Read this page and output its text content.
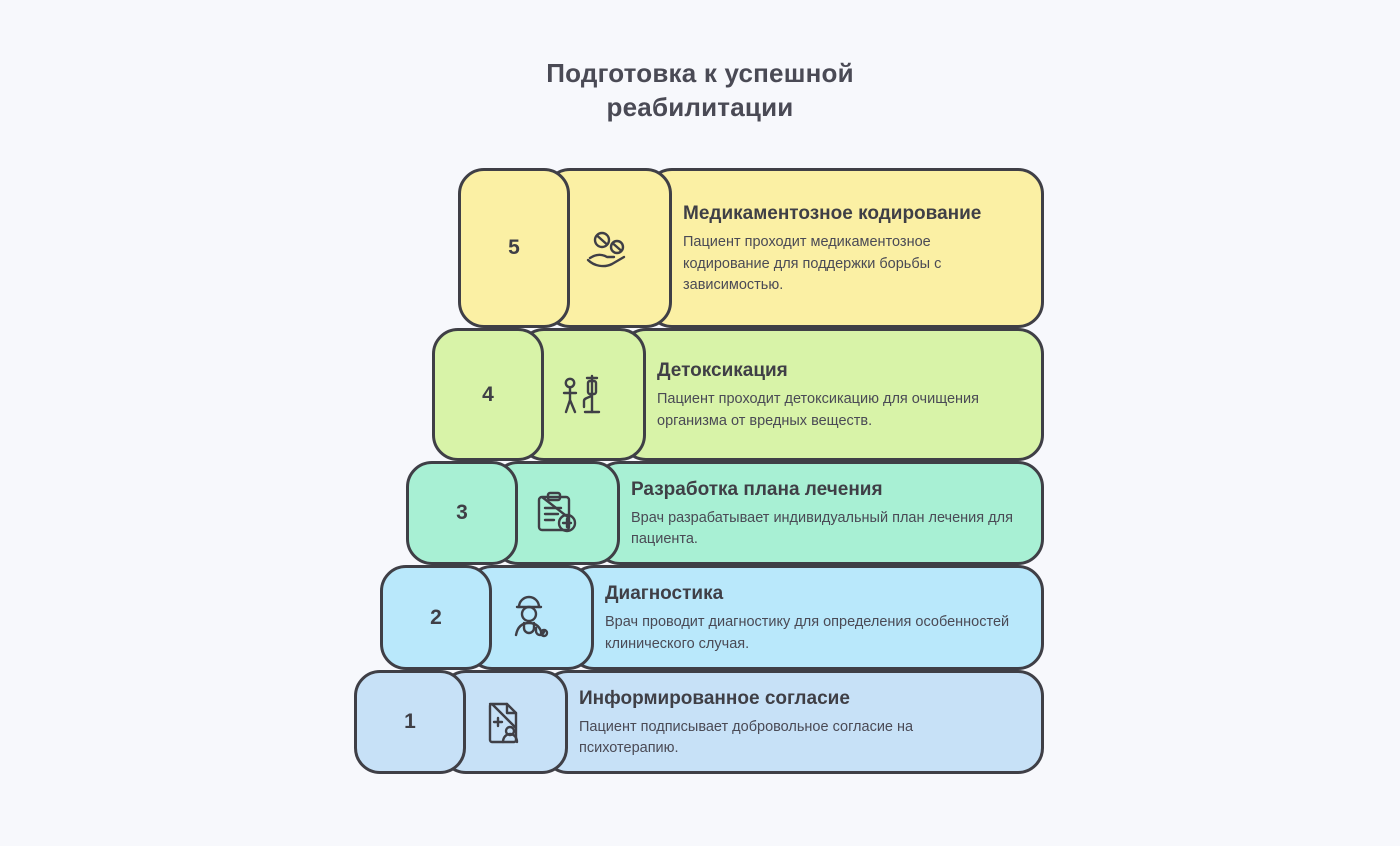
Подготовка к успешной
реабилитации
5
Медикаментозное кодирование
Пациент проходит медикаментозное кодирование для поддержки борьбы с зависимостью.
4
Детоксикация
Пациент проходит детоксикацию для очищения организма от вредных веществ.
3
Разработка плана лечения
Врач разрабатывает индивидуальный план лечения для пациента.
2
Диагностика
Врач проводит диагностику для определения особенностей клинического случая.
1
Информированное согласие
Пациент подписывает добровольное согласие на психотерапию.
